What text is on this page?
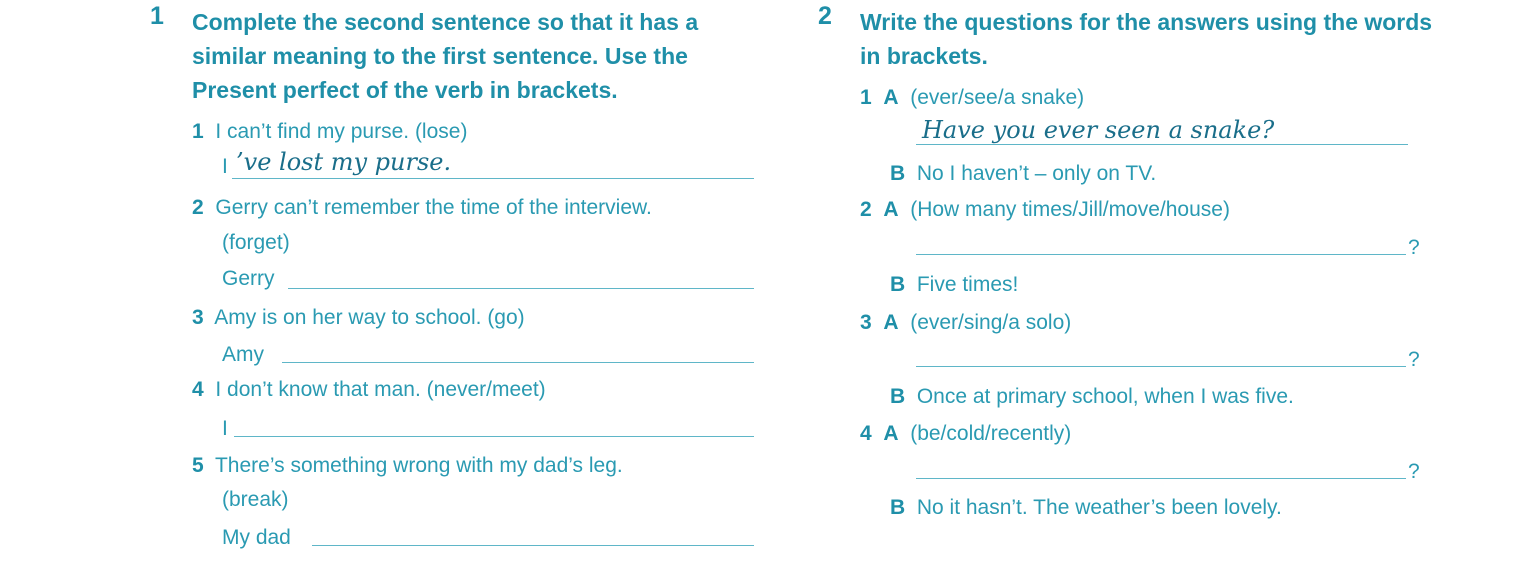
1 Complete the second sentence so that it has a similar meaning to the first sentence. Use the Present perfect of the verb in brackets.
1 I can’t find my purse. (lose)
I ’ve lost my purse.
2 Gerry can’t remember the time of the interview.
(forget)
Gerry
3 Amy is on her way to school. (go)
Amy
4 I don’t know that man. (never/meet)
I
5 There’s something wrong with my dad’s leg.
(break)
My dad
2 Write the questions for the answers using the words in brackets.
1 A (ever/see/a snake)
Have you ever seen a snake?
B No I haven’t – only on TV.
2 A (How many times/Jill/move/house)
?
B Five times!
3 A (ever/sing/a solo)
?
B Once at primary school, when I was five.
4 A (be/cold/recently)
?
B No it hasn’t. The weather’s been lovely.
